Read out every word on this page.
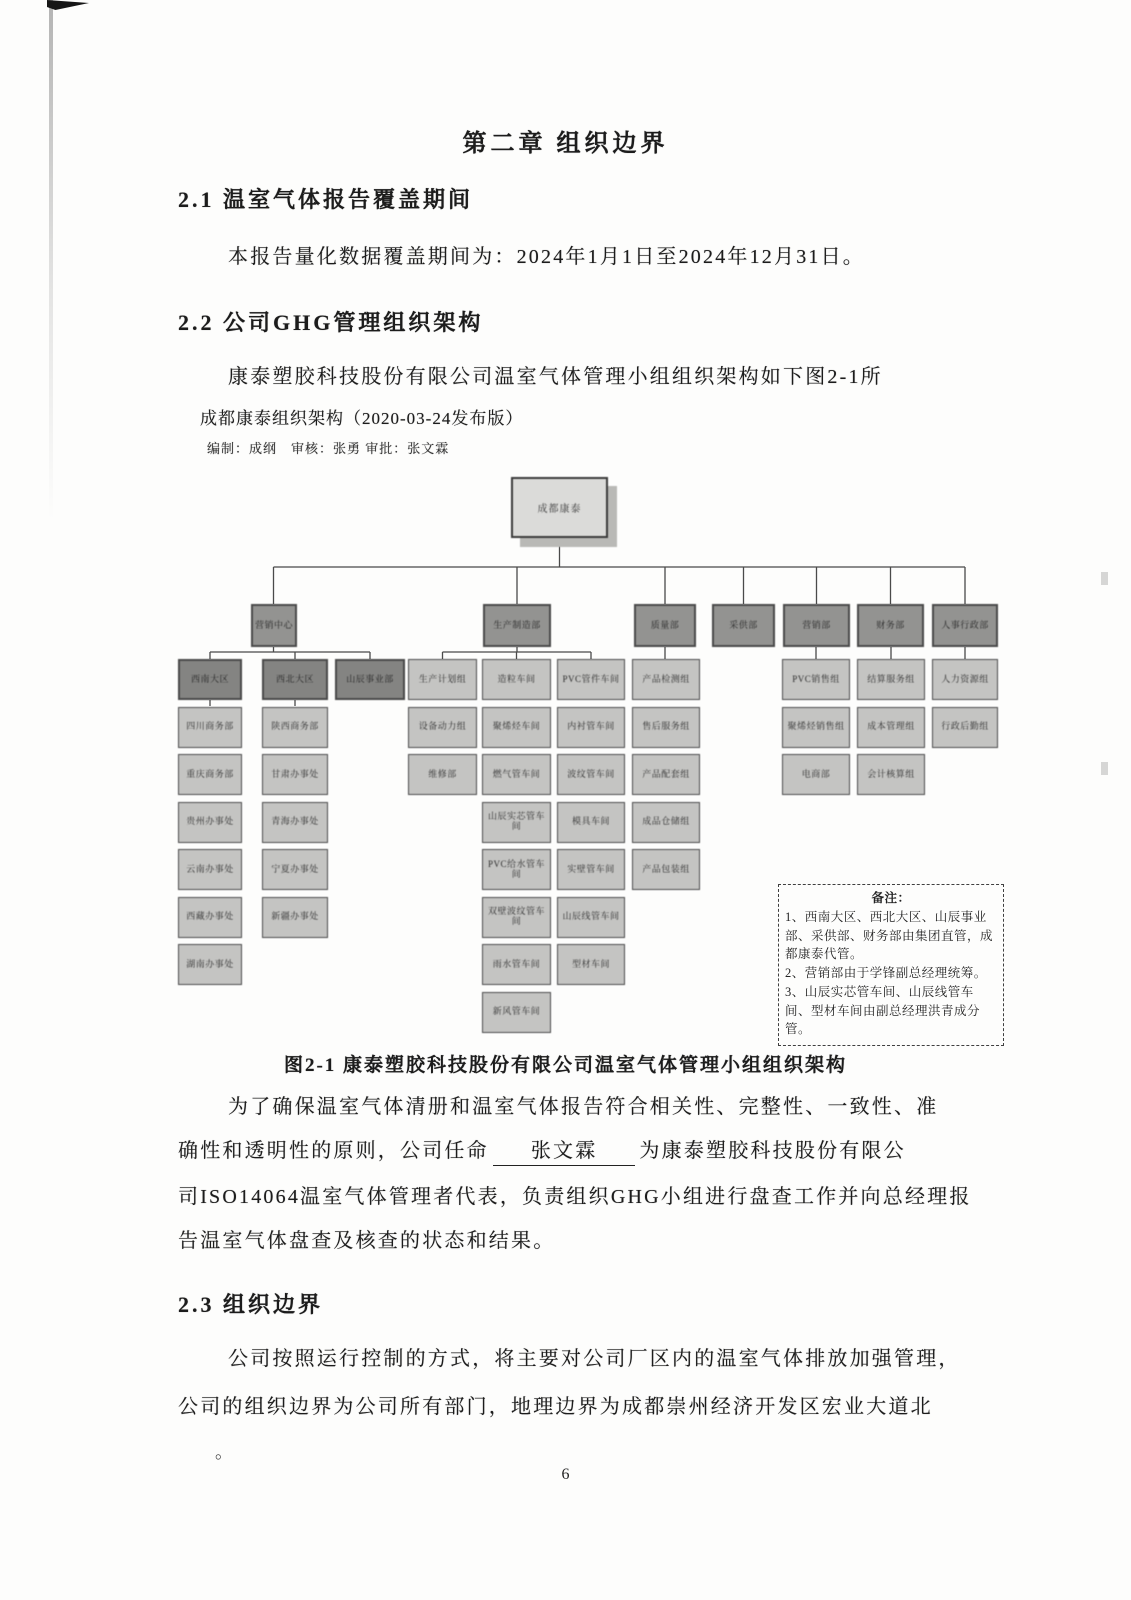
第二章 组织边界
2.1 温室气体报告覆盖期间
本报告量化数据覆盖期间为：2024年1月1日至2024年12月31日。
2.2 公司GHG管理组织架构
康泰塑胶科技股份有限公司温室气体管理小组组织架构如下图2-1所
成都康泰组织架构（2020-03-24发布版）
编制：成纲　审核：张勇 审批：张文霖
成都康泰
营销中心	生产制造部	质量部	采供部	营销部	财务部	人事行政部
西南大区	西北大区	山辰事业部
四川商务部
重庆商务部
贵州办事处
云南办事处
西藏办事处
湖南办事处
陕西商务部
甘肃办事处
青海办事处
宁夏办事处
新疆办事处
生产计划组
设备动力组
维修部
造粒车间
聚烯烃车间
燃气管车间
山辰实芯管车间
PVC给水管车间
双壁波纹管车间
雨水管车间
新风管车间
PVC管件车间
内衬管车间
波纹管车间
模具车间
实壁管车间
山辰线管车间
型材车间
产品检测组
售后服务组
产品配套组
成品仓储组
产品包装组
PVC销售组
聚烯烃销售组
电商部
结算服务组
成本管理组
会计核算组
人力资源组
行政后勤组
备注：
1、西南大区、西北大区、山辰事业部、采供部、财务部由集团直管，成都康泰代管。
2、营销部由于学锋副总经理统筹。
3、山辰实芯管车间、山辰线管车间、型材车间由副总经理洪青成分管。
图2-1 康泰塑胶科技股份有限公司温室气体管理小组组织架构
为了确保温室气体清册和温室气体报告符合相关性、完整性、一致性、准
确性和透明性的原则，公司任命 张文霖 为康泰塑胶科技股份有限公
司ISO14064温室气体管理者代表，负责组织GHG小组进行盘查工作并向总经理报
告温室气体盘查及核查的状态和结果。
2.3 组织边界
公司按照运行控制的方式，将主要对公司厂区内的温室气体排放加强管理，
公司的组织边界为公司所有部门，地理边界为成都崇州经济开发区宏业大道北
。
6
